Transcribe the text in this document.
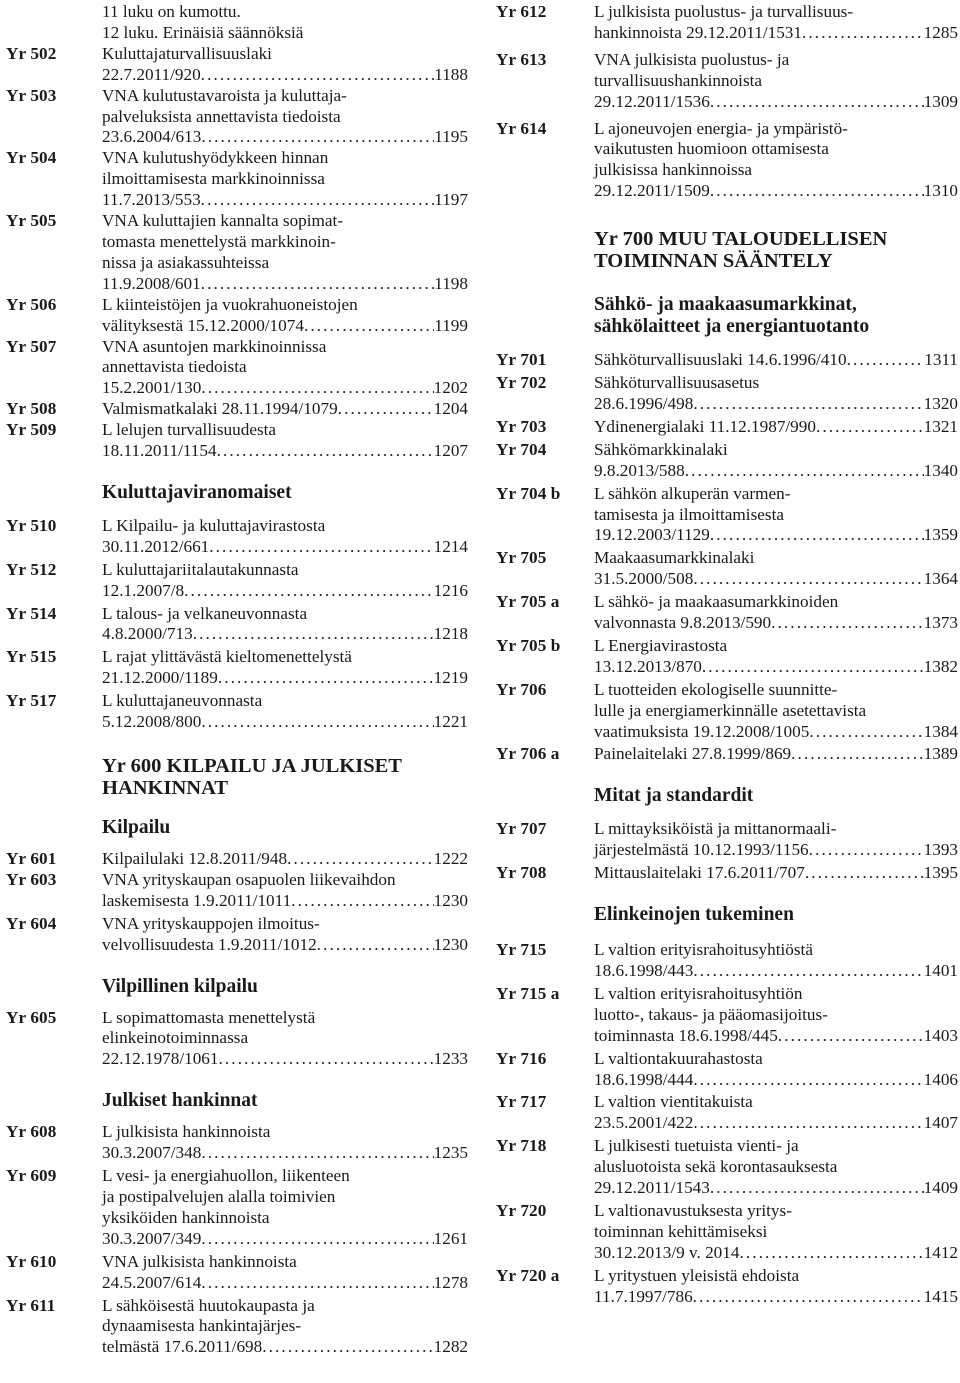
11 luku on kumottu.
12 luku. Erinäisiä säännöksiä
Yr 502	Kuluttajaturvallisuuslaki
22.7.2011/920 .....	1188
Yr 503	VNA kulutustavaroista ja kuluttaja-
palveluksista annettavista tiedoista
23.6.2004/613 .....	1195
Yr 504	VNA kulutushyödykkeen hinnan
ilmoittamisesta markkinoinnissa
11.7.2013/553 .....	1197
Yr 505	VNA kuluttajien kannalta sopimat-
tomasta menettelystä markkinoin-
nissa ja asiakassuhteissa
11.9.2008/601 .....	1198
Yr 506	L kiinteistöjen ja vuokrahuoneistojen
välityksestä 15.12.2000/1074 .....	1199
Yr 507	VNA asuntojen markkinoinnissa
annettavista tiedoista
15.2.2001/130 .....	1202
Yr 508	Valmismatkalaki 28.11.1994/1079 .....	1204
Yr 509	L lelujen turvallisuudesta
18.11.2011/1154 .....	1207
Kuluttajaviranomaiset
Yr 510	L Kilpailu- ja kuluttajavirastosta
30.11.2012/661 .....	1214
Yr 512	L kuluttajariitalautakunnasta
12.1.2007/8 .....	1216
Yr 514	L talous- ja velkaneuvonnasta
4.8.2000/713 .....	1218
Yr 515	L rajat ylittävästä kieltomenettelystä
21.12.2000/1189 .....	1219
Yr 517	L kuluttajaneuvonnasta
5.12.2008/800 .....	1221
Yr 600 KILPAILU JA JULKISET
HANKINNAT
Kilpailu
Yr 601	Kilpailulaki 12.8.2011/948 .....	1222
Yr 603	VNA yrityskaupan osapuolen liikevaihdon
laskemisesta 1.9.2011/1011 .....	1230
Yr 604	VNA yrityskauppojen ilmoitus-
velvollisuudesta 1.9.2011/1012 .....	1230
Vilpillinen kilpailu
Yr 605	L sopimattomasta menettelystä
elinkeinotoiminnassa
22.12.1978/1061 .....	1233
Julkiset hankinnat
Yr 608	L julkisista hankinnoista
30.3.2007/348 .....	1235
Yr 609	L vesi- ja energiahuollon, liikenteen
ja postipalvelujen alalla toimivien
yksiköiden hankinnoista
30.3.2007/349 .....	1261
Yr 610	VNA julkisista hankinnoista
24.5.2007/614 .....	1278
Yr 611	L sähköisestä huutokaupasta ja
dynaamisesta hankintajärjes-
telmästä 17.6.2011/698 .....	1282
Yr 612	L julkisista puolustus- ja turvallisuus-
hankinnoista 29.12.2011/1531 .....	1285
Yr 613	VNA julkisista puolustus- ja
turvallisuushankinnoista
29.12.2011/1536 .....	1309
Yr 614	L ajoneuvojen energia- ja ympäristö-
vaikutusten huomioon ottamisesta
julkisissa hankinnoissa
29.12.2011/1509 .....	1310
Yr 700 MUU TALOUDELLISEN
TOIMINNAN SÄÄNTELY
Sähkö- ja maakaasumarkkinat,
sähkölaitteet ja energiantuotanto
Yr 701	Sähköturvallisuuslaki 14.6.1996/410 .....	1311
Yr 702	Sähköturvallisuusasetus
28.6.1996/498 .....	1320
Yr 703	Ydinenergialaki 11.12.1987/990 .....	1321
Yr 704	Sähkömarkkinalaki
9.8.2013/588 .....	1340
Yr 704 b	L sähkön alkuperän varmen-
tamisesta ja ilmoittamisesta
19.12.2003/1129 .....	1359
Yr 705	Maakaasumarkkinalaki
31.5.2000/508 .....	1364
Yr 705 a	L sähkö- ja maakaasumarkkinoiden
valvonnasta 9.8.2013/590 .....	1373
Yr 705 b	L Energiavirastosta
13.12.2013/870 .....	1382
Yr 706	L tuotteiden ekologiselle suunnitte-
lulle ja energiamerkinnälle asetettavista
vaatimuksista 19.12.2008/1005 .....	1384
Yr 706 a	Painelaitelaki 27.8.1999/869 .....	1389
Mitat ja standardit
Yr 707	L mittayksiköistä ja mittanormaali-
järjestelmästä 10.12.1993/1156 .....	1393
Yr 708	Mittauslaitelaki 17.6.2011/707 .....	1395
Elinkeinojen tukeminen
Yr 715	L valtion erityisrahoitusyhtiöstä
18.6.1998/443 .....	1401
Yr 715 a	L valtion erityisrahoitusyhtiön
luotto-, takaus- ja pääomasijoitus-
toiminnasta 18.6.1998/445 .....	1403
Yr 716	L valtiontakuurahastosta
18.6.1998/444 .....	1406
Yr 717	L valtion vientitakuista
23.5.2001/422 .....	1407
Yr 718	L julkisesti tuetuista vienti- ja
alusluotoista sekä korontasauksesta
29.12.2011/1543 .....	1409
Yr 720	L valtionavustuksesta yritys-
toiminnan kehittämiseksi
30.12.2013/9 v. 2014 .....	1412
Yr 720 a	L yritystuen yleisistä ehdoista
11.7.1997/786 .....	1415
